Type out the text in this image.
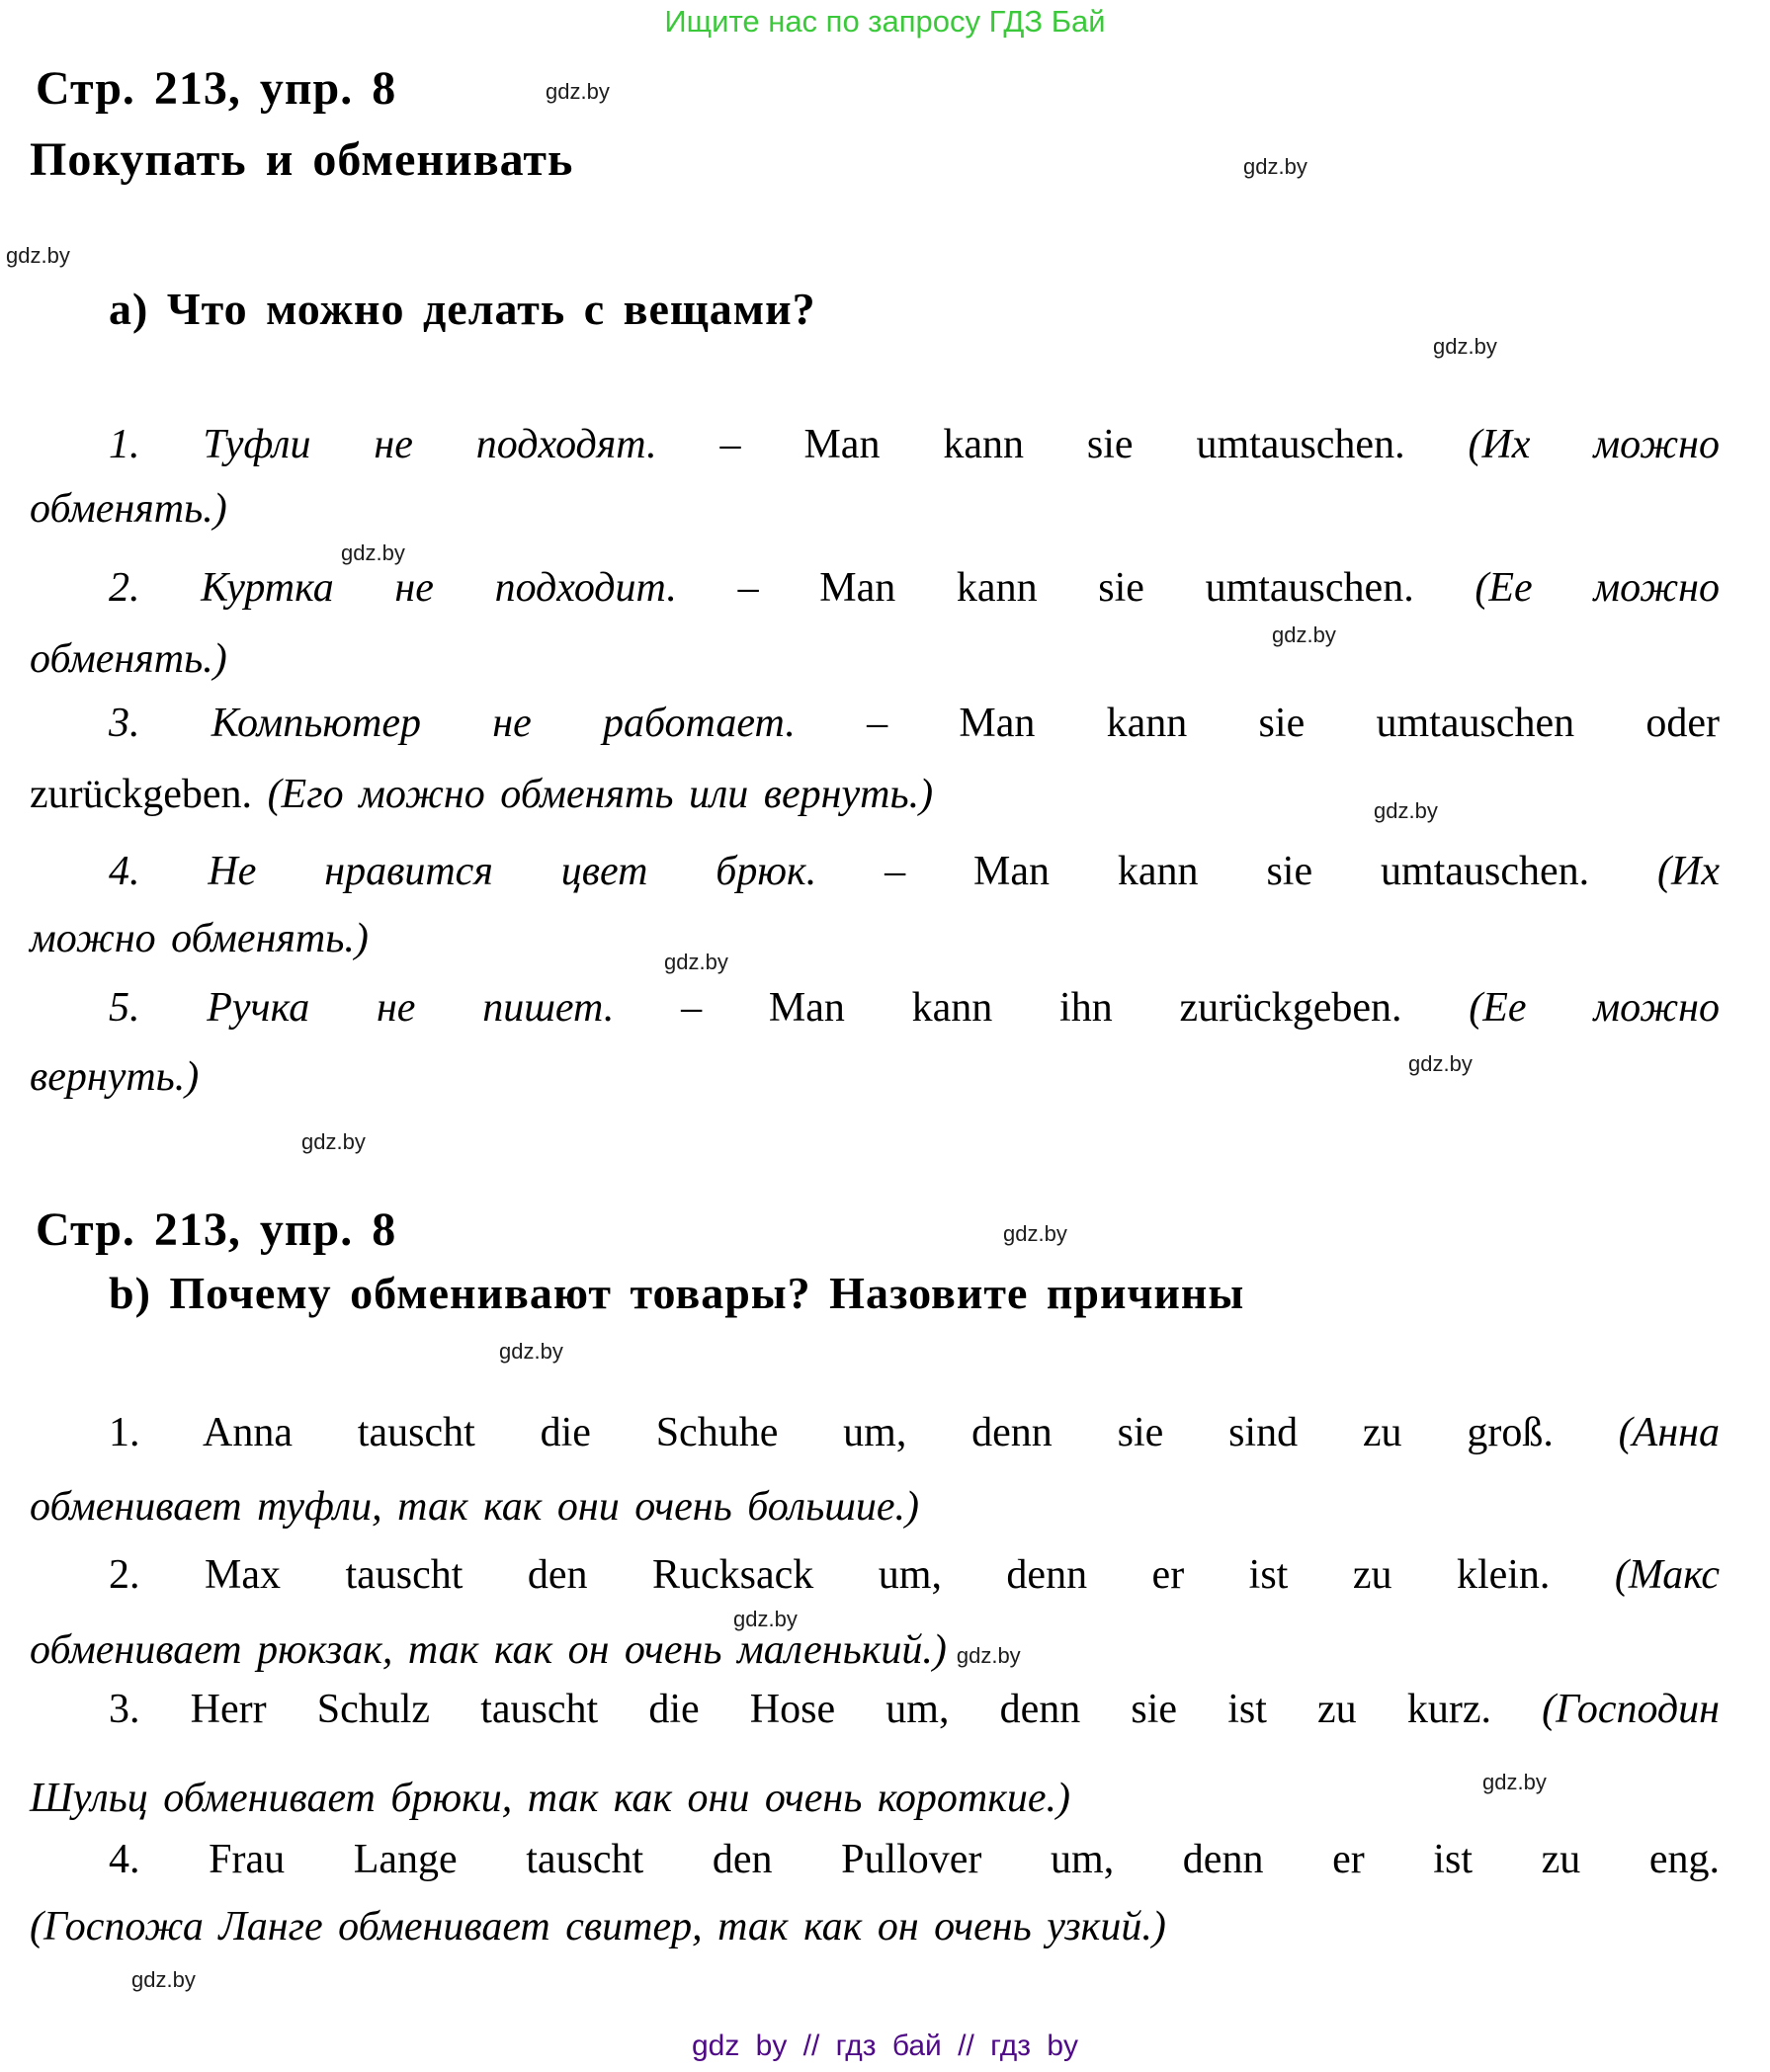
Ищите нас по запросу ГДЗ Бай
Стр. 213, упр. 8	gdz.by
Покупать и обменивать	gdz.by
gdz.by
a) Что можно делать с вещами?
gdz.by
1. Туфли не подходят. – Man kann sie umtauschen. (Их можно
обменять.)
gdz.by
2. Куртка не подходит. – Man kann sie umtauschen. (Ее можно
gdz.by
обменять.)
3. Компьютер не работает. – Man kann sie umtauschen oder
zurückgeben. (Его можно обменять или вернуть.)	gdz.by
4. Не нравится цвет брюк. – Man kann sie umtauschen. (Их
можно обменять.)
gdz.by
5. Ручка не пишет. – Man kann ihn zurückgeben. (Ее можно
gdz.by
вернуть.)
gdz.by
Стр. 213, упр. 8	gdz.by
b) Почему обменивают товары? Назовите причины
gdz.by
1. Anna tauscht die Schuhe um, denn sie sind zu groß. (Анна
обменивает туфли, так как они очень большие.)
2. Max tauscht den Rucksack um, denn er ist zu klein. (Макс
gdz.by
обменивает рюкзак, так как он очень маленький.) gdz.by
3. Herr Schulz tauscht die Hose um, denn sie ist zu kurz. (Господин
Шульц обменивает брюки, так как они очень короткие.)	gdz.by
4. Frau Lange tauscht den Pullover um, denn er ist zu eng.
(Госпожа Ланге обменивает свитер, так как он очень узкий.)
gdz.by
gdz by // гдз бай // гдз by
